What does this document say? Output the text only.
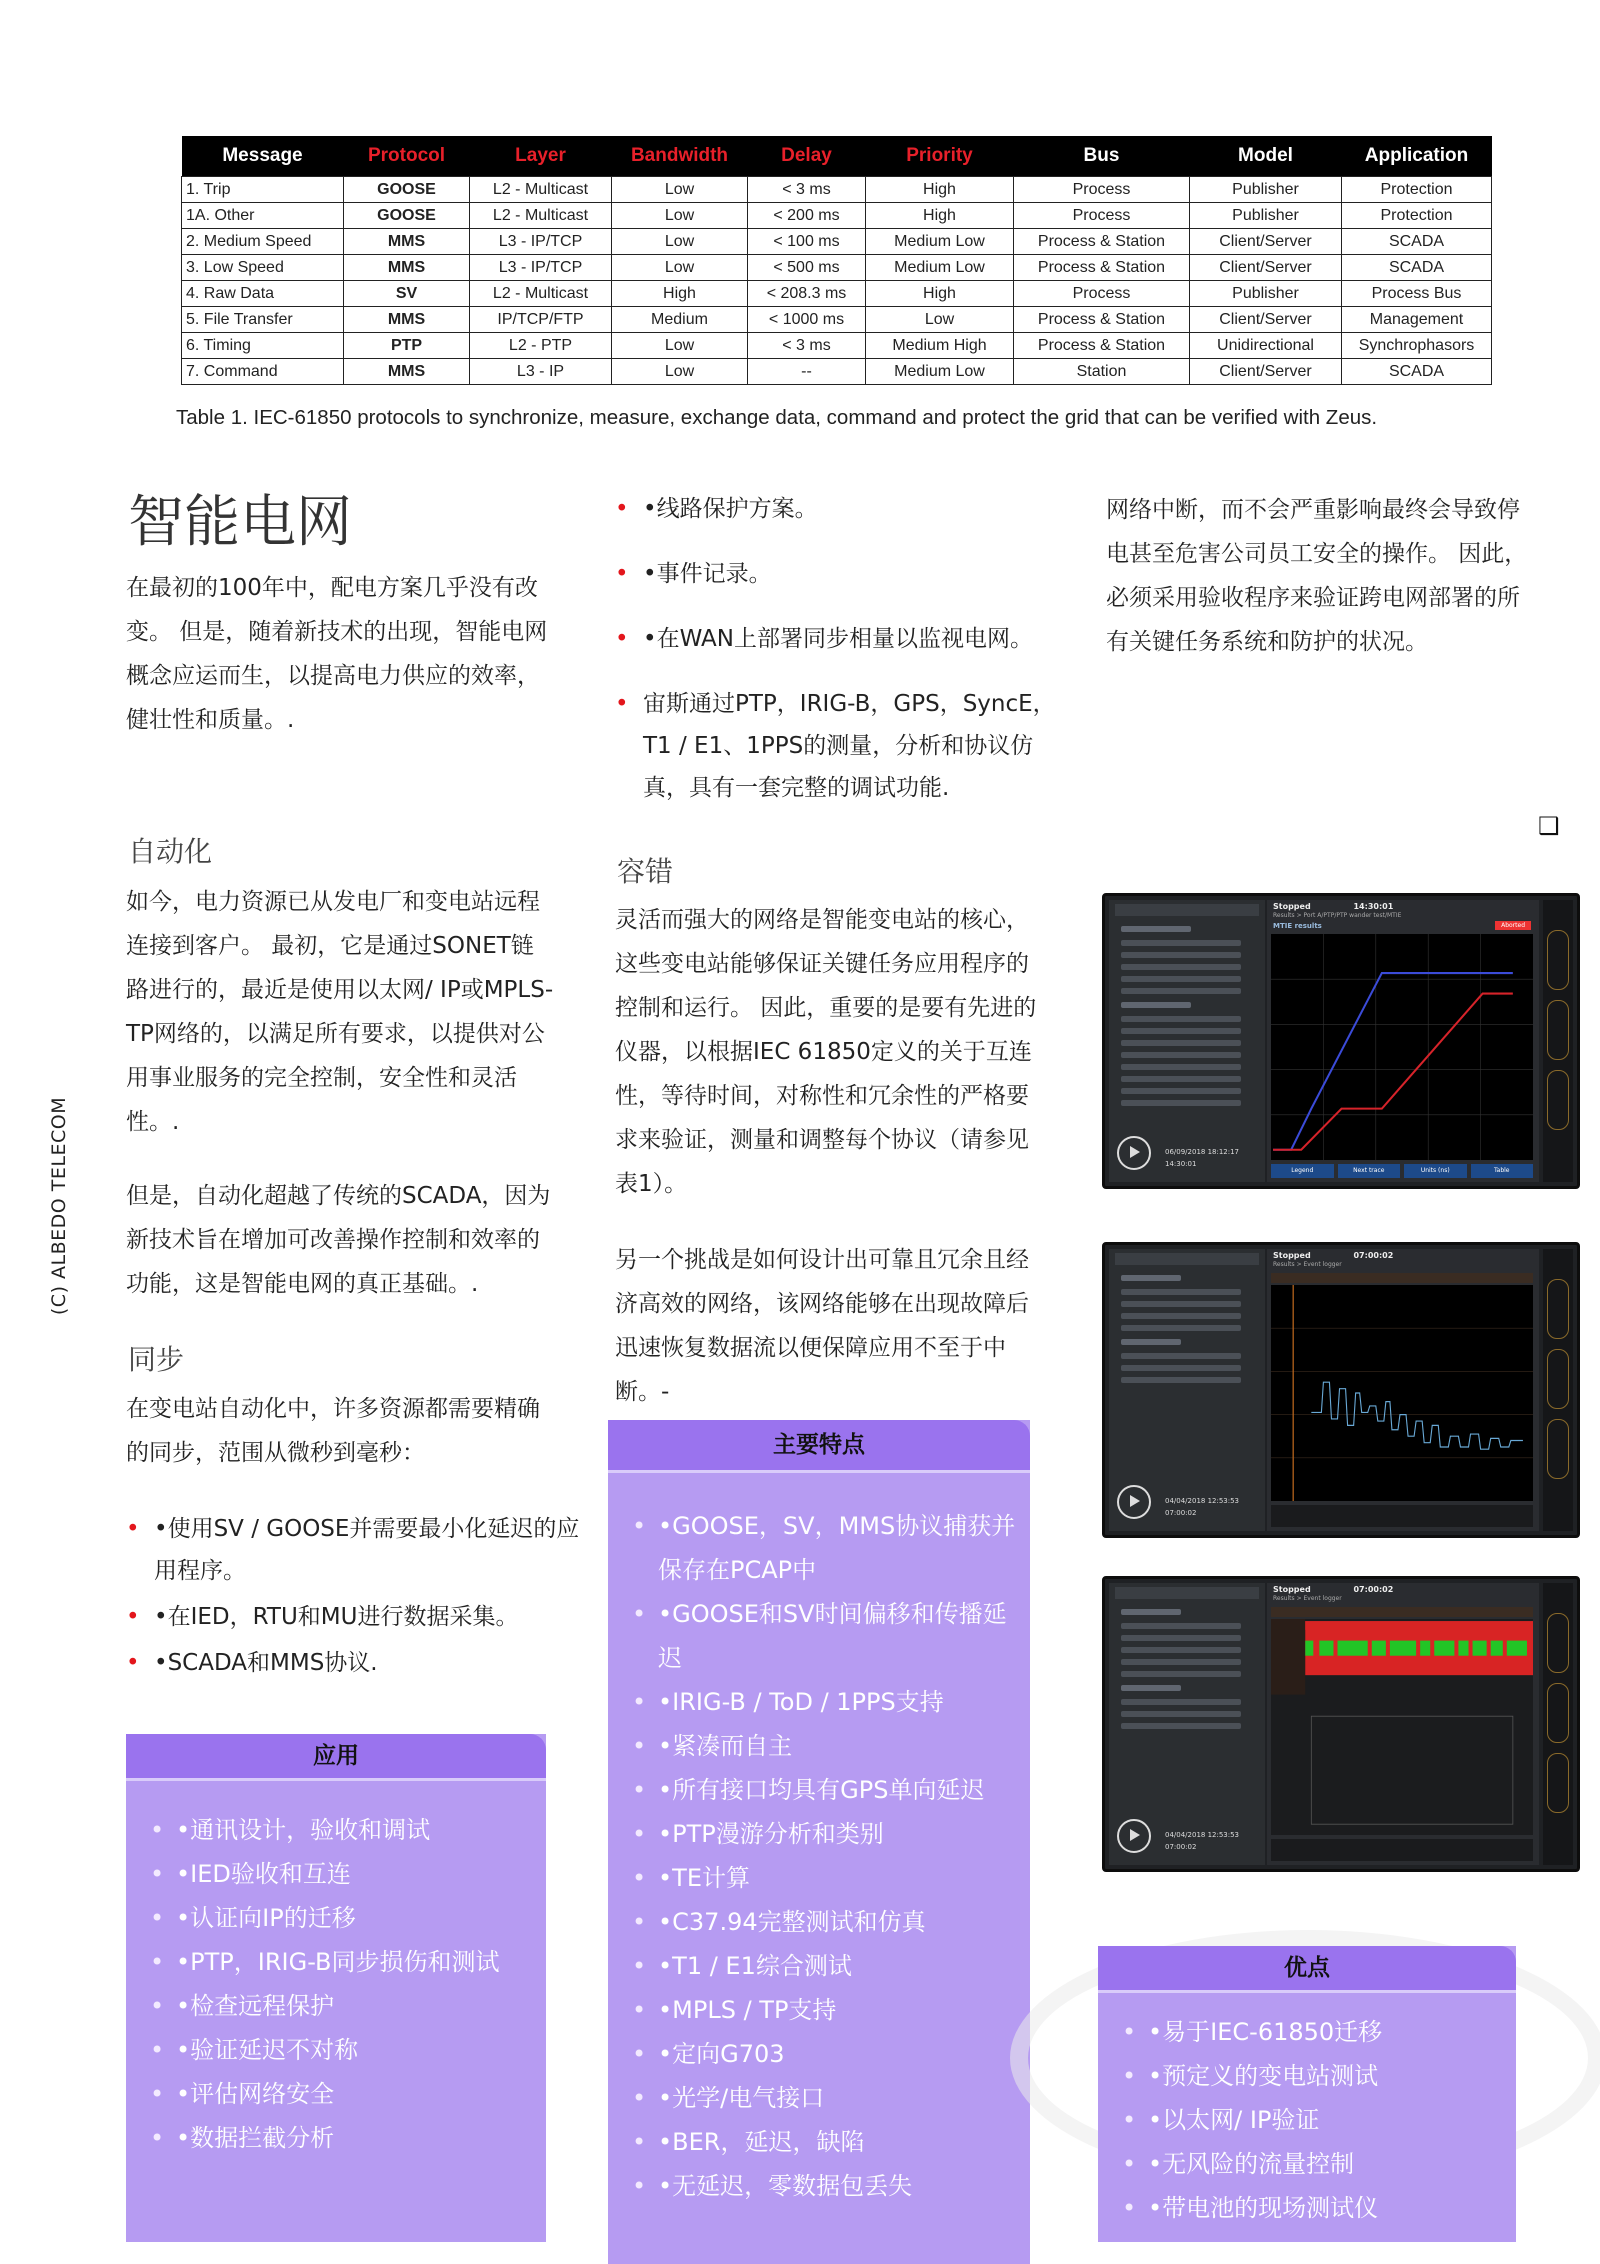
Message	Protocol	Layer	Bandwidth	Delay	Priority	Bus	Model	Application
1. Trip	GOOSE	L2 - Multicast	Low	< 3 ms	High	Process	Publisher	Protection
1A. Other	GOOSE	L2 - Multicast	Low	< 200 ms	High	Process	Publisher	Protection
2. Medium Speed	MMS	L3 - IP/TCP	Low	< 100 ms	Medium Low	Process & Station	Client/Server	SCADA
3. Low Speed	MMS	L3 - IP/TCP	Low	< 500 ms	Medium Low	Process & Station	Client/Server	SCADA
4. Raw Data	SV	L2 - Multicast	High	< 208.3 ms	High	Process	Publisher	Process Bus
5. File Transfer	MMS	IP/TCP/FTP	Medium	< 1000 ms	Low	Process & Station	Client/Server	Management
6. Timing	PTP	L2 - PTP	Low	< 3 ms	Medium High	Process & Station	Unidirectional	Synchrophasors
7. Command	MMS	L3 - IP	Low	--	Medium Low	Station	Client/Server	SCADA
Table 1. IEC-61850 protocols to synchronize, measure, exchange data, command and protect the grid that can be verified with Zeus.
(C) ALBEDO TELECOM
智能电网

在最初的100年中，配电方案几乎没有改

变。 但是，随着新技术的出现，智能电网

概念应运而生，以提高电力供应的效率，

健壮性和质量。.

自动化

如今，电力资源已从发电厂和变电站远程

连接到客户。 最初，它是通过SONET链

路进行的，最近是使用以太网/ IP或MPLS-

TP网络的，以满足所有要求，以提供对公

用事业服务的完全控制，安全性和灵活

性。.

但是，自动化超越了传统的SCADA，因为

新技术旨在增加可改善操作控制和效率的

功能，这是智能电网的真正基础。.

同步

在变电站自动化中，许多资源都需要精确

的同步，范围从微秒到毫秒：

• •使用SV / GOOSE并需要最小化延迟的应用程序。
• •在IED，RTU和MU进行数据采集。
• •SCADA和MMS协议.
应用
• •通讯设计，验收和调试
• •IED验收和互连
• •认证向IP的迁移
• •PTP，IRIG-B同步损伤和测试
• •检查远程保护
• •验证延迟不对称
• •评估网络安全
• •数据拦截分析
• •线路保护方案。
• •事件记录。
• •在WAN上部署同步相量以监视电网。
• 宙斯通过PTP，IRIG-B，GPS，SyncE，T1 / E1、1PPS的测量，分析和协议仿真，具有一套完整的调试功能.
容错

灵活而强大的网络是智能变电站的核心，

这些变电站能够保证关键任务应用程序的

控制和运行。 因此，重要的是要有先进的

仪器，以根据IEC 61850定义的关于互连

性，等待时间，对称性和冗余性的严格要

求来验证，测量和调整每个协议（请参见

表1）。

另一个挑战是如何设计出可靠且冗余且经

济高效的网络，该网络能够在出现故障后

迅速恢复数据流以便保障应用不至于中

断。-

主要特点
• •GOOSE，SV，MMS协议捕获并保存在PCAP中
• •GOOSE和SV时间偏移和传播延迟
• •IRIG-B / ToD / 1PPS支持
• •紧凑而自主
• •所有接口均具有GPS单向延迟
• •PTP漫游分析和类别
• •TE计算
• •C37.94完整测试和仿真
• •T1 / E1综合测试
• •MPLS / TP支持
• •定向G703
• •光学/电气接口
• •BER，延迟，缺陷
• •无延迟，零数据包丢失

网络中断，而不会严重影响最终会导致停

电甚至危害公司员工安全的操作。 因此，

必须采用验收程序来验证跨电网部署的所

有关键任务系统和防护的状况。

❑
06/09/2018 18:12:17
14:30:01
Stopped	14:30:01
Results > Port A/PTP/PTP wander test/MTIE
MTIE results	Aborted
Legend	Next trace	Units (ns)	Table
04/04/2018 12:53:53
07:00:02
Stopped	07:00:02
Results > Event logger
04/04/2018 12:53:53
07:00:02
Stopped	07:00:02
Results > Event logger
优点
• •易于IEC-61850迁移
• •预定义的变电站测试
• •以太网/ IP验证
• •无风险的流量控制
• •带电池的现场测试仪
